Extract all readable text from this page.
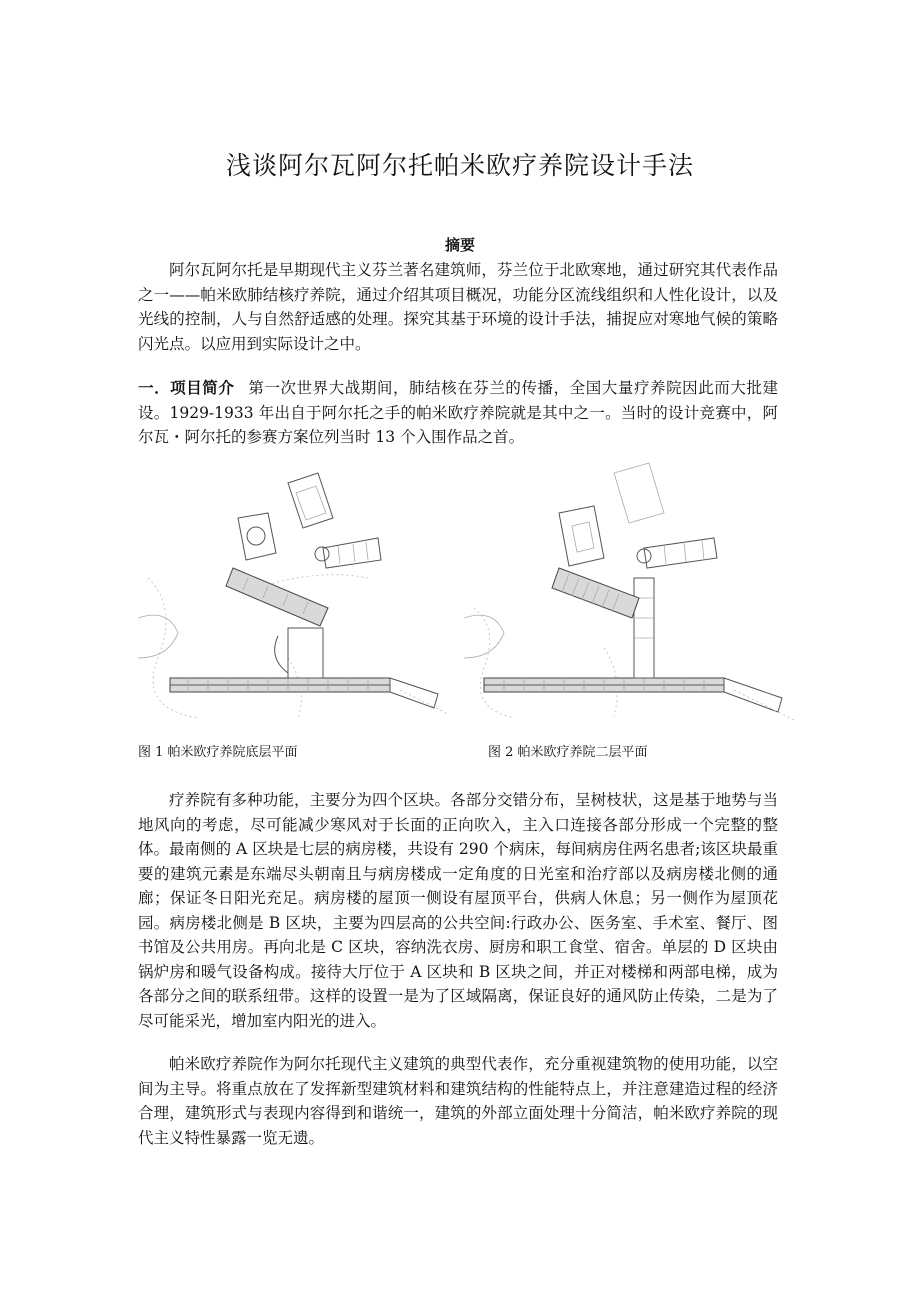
浅谈阿尔瓦阿尔托帕米欧疗养院设计手法
摘要

阿尔瓦阿尔托是早期现代主义芬兰著名建筑师，芬兰位于北欧寒地，通过研究其代表作品之一——帕米欧肺结核疗养院，通过介绍其项目概况，功能分区流线组织和人性化设计，以及光线的控制，人与自然舒适感的处理。探究其基于环境的设计手法，捕捉应对寒地气候的策略闪光点。以应用到实际设计之中。

一．项目简介 第一次世界大战期间，肺结核在芬兰的传播，全国大量疗养院因此而大批建设。1929-1933 年出自于阿尔托之手的帕米欧疗养院就是其中之一。当时的设计竞赛中，阿尔瓦・阿尔托的参赛方案位列当时 13 个入围作品之首。

图 1 帕米欧疗养院底层平面	图 2 帕米欧疗养院二层平面

疗养院有多种功能，主要分为四个区块。各部分交错分布，呈树枝状，这是基于地势与当地风向的考虑，尽可能减少寒风对于长面的正向吹入，主入口连接各部分形成一个完整的整体。最南侧的 A 区块是七层的病房楼，共设有 290 个病床，每间病房住两名患者;该区块最重要的建筑元素是东端尽头朝南且与病房楼成一定角度的日光室和治疗部以及病房楼北侧的通廊；保证冬日阳光充足。病房楼的屋顶一侧设有屋顶平台，供病人休息；另一侧作为屋顶花园。病房楼北侧是 B 区块，主要为四层高的公共空间:行政办公、医务室、手术室、餐厅、图书馆及公共用房。再向北是 C 区块，容纳洗衣房、厨房和职工食堂、宿舍。单层的 D 区块由锅炉房和暖气设备构成。接待大厅位于 A 区块和 B 区块之间，并正对楼梯和两部电梯，成为各部分之间的联系纽带。这样的设置一是为了区域隔离，保证良好的通风防止传染，二是为了尽可能采光，增加室内阳光的进入。

帕米欧疗养院作为阿尔托现代主义建筑的典型代表作，充分重视建筑物的使用功能，以空间为主导。将重点放在了发挥新型建筑材料和建筑结构的性能特点上，并注意建造过程的经济合理，建筑形式与表现内容得到和谐统一，建筑的外部立面处理十分简洁，帕米欧疗养院的现代主义特性暴露一览无遗。
